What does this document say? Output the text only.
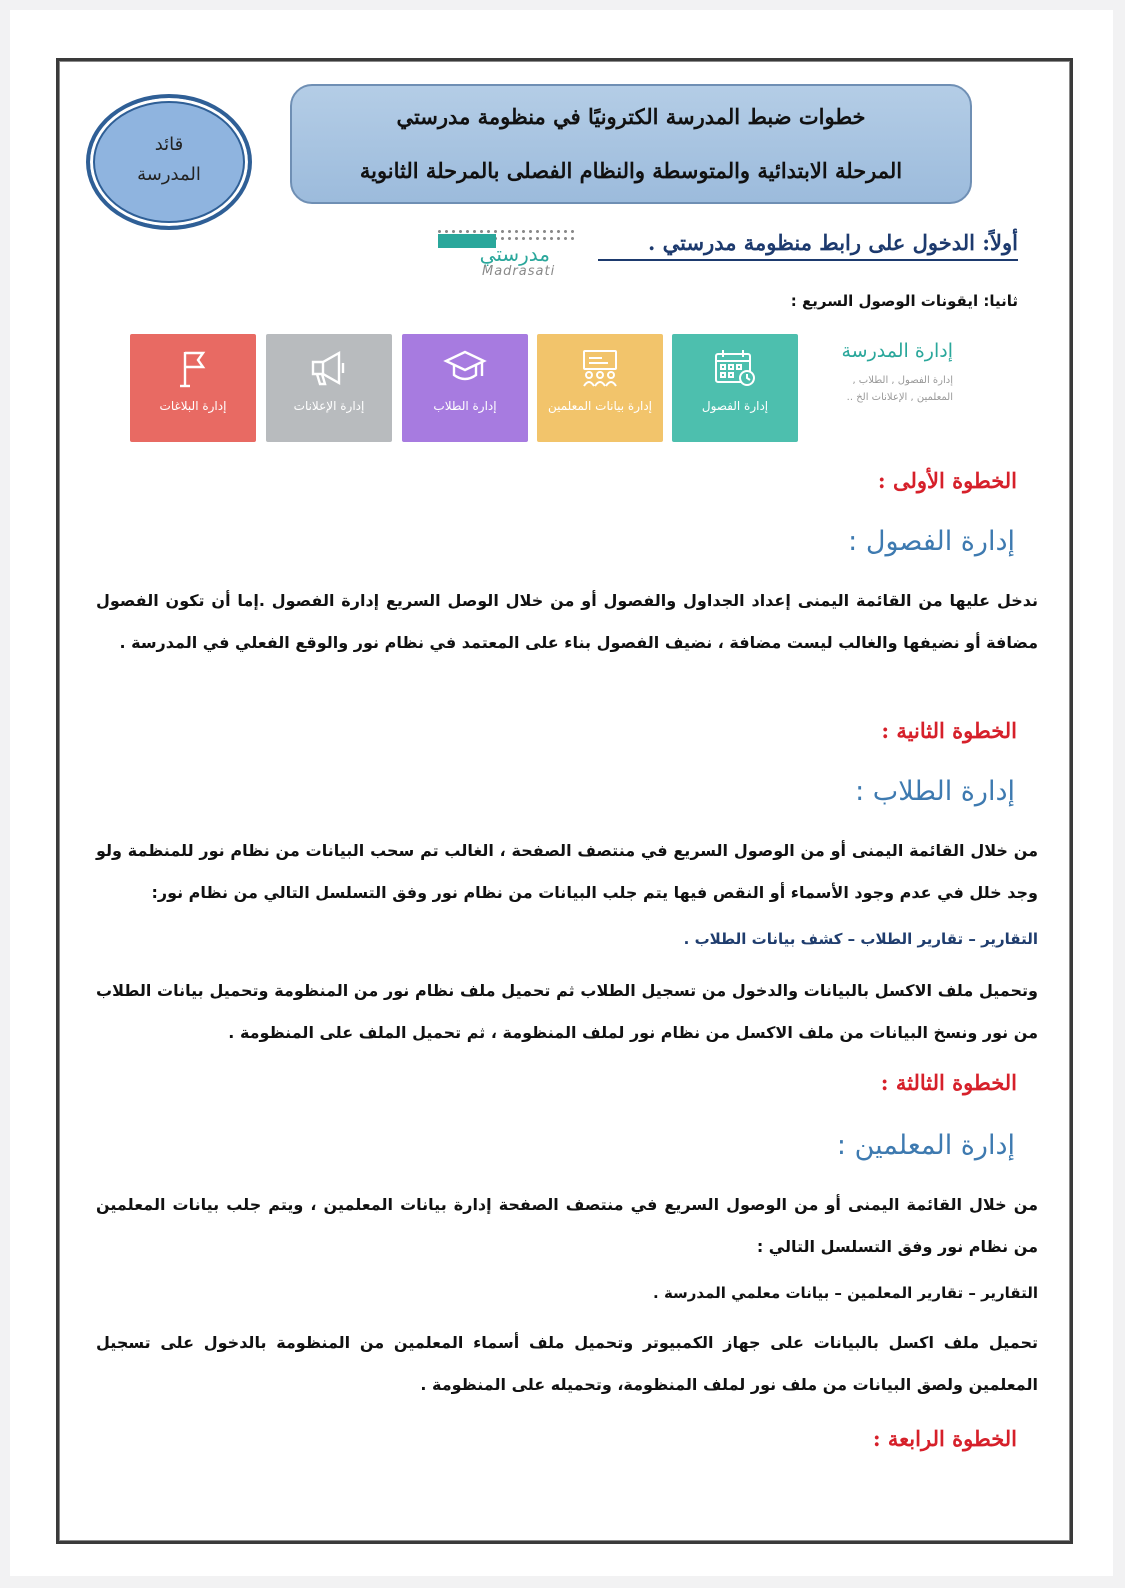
خطوات ضبط المدرسة الكترونيًا في منظومة مدرستي
المرحلة الابتدائية والمتوسطة والنظام الفصلى بالمرحلة الثانوية
قائد
المدرسة
أولاً: الدخول على رابط منظومة مدرستي .
مدرستي
Madrasati
ثانيا: ايقونات الوصول السريع :
إدارة الفصول
إدارة بيانات المعلمين
إدارة الطلاب
إدارة الإعلانات
إدارة البلاغات
إدارة المدرسة
إدارة الفصول , الطلاب , المعلمين , الإعلانات الخ ..
الخطوة الأولى :
إدارة الفصول :
ندخل عليها من القائمة اليمنى إعداد الجداول والفصول أو من خلال الوصل السريع إدارة الفصول .إما أن تكون الفصول مضافة أو نضيفها والغالب ليست مضافة ، نضيف الفصول بناء على المعتمد في نظام نور والوقع الفعلي في المدرسة .
الخطوة الثانية :
إدارة الطلاب :
من خلال القائمة اليمنى أو من الوصول السريع في منتصف الصفحة ، الغالب تم سحب البيانات من نظام نور للمنظمة ولو وجد خلل في عدم وجود الأسماء أو النقص فيها يتم جلب البيانات من نظام نور وفق التسلسل التالي من نظام نور:
التقارير – تقارير الطلاب – كشف بيانات الطلاب .
وتحميل ملف الاكسل بالبيانات والدخول من تسجيل الطلاب ثم تحميل ملف نظام نور من المنظومة وتحميل بيانات الطلاب من نور ونسخ البيانات من ملف الاكسل من نظام نور لملف المنظومة ، ثم تحميل الملف على المنظومة .
الخطوة الثالثة :
إدارة المعلمين :
من خلال القائمة اليمنى أو من الوصول السريع في منتصف الصفحة إدارة بيانات المعلمين ، ويتم جلب بيانات المعلمين من نظام نور وفق التسلسل التالي :
التقارير – تقارير المعلمين – بيانات معلمي المدرسة .
تحميل ملف اكسل بالبيانات على جهاز الكمبيوتر وتحميل ملف أسماء المعلمين من المنظومة بالدخول على تسجيل المعلمين ولصق البيانات من ملف نور لملف المنظومة، وتحميله على المنظومة .
الخطوة الرابعة :
